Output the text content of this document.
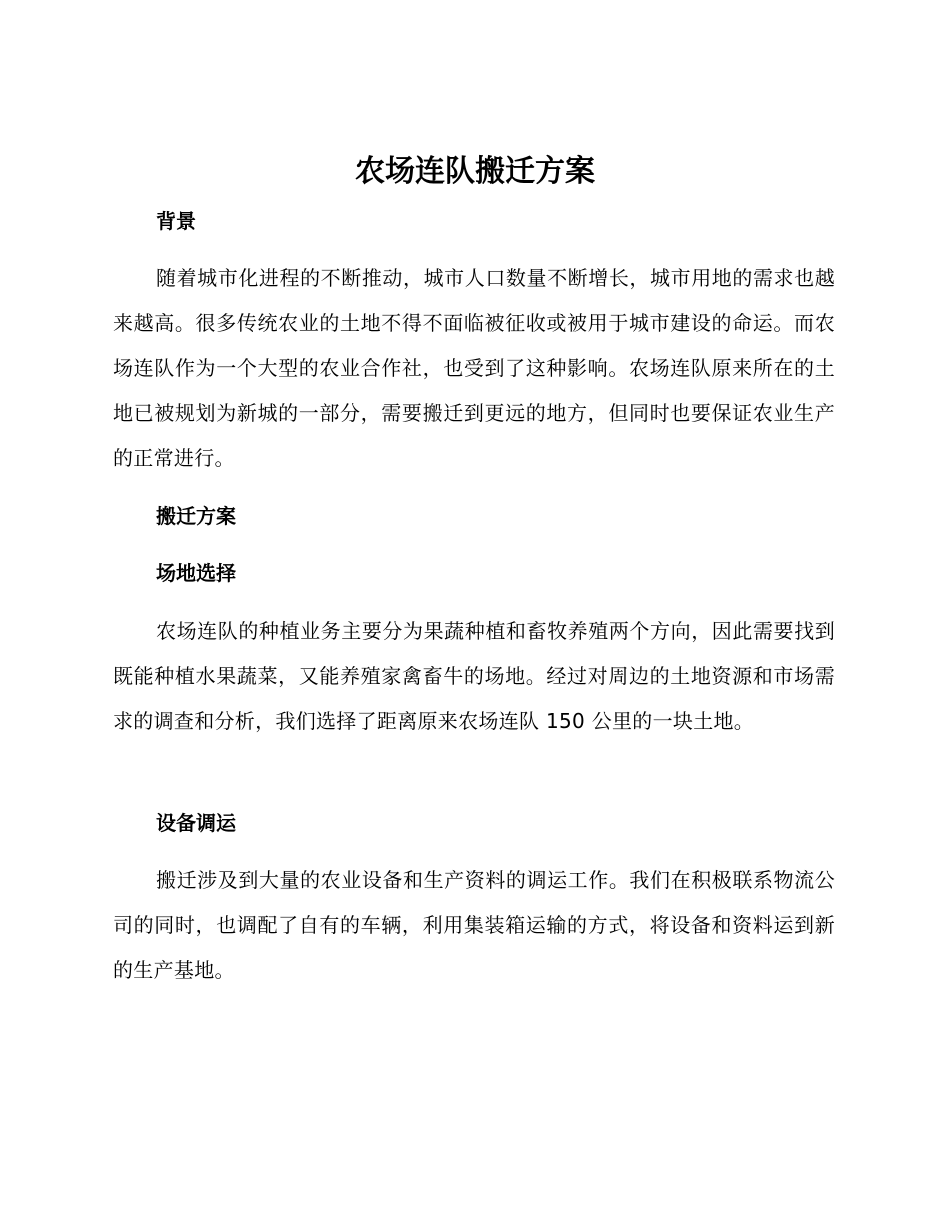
农场连队搬迁方案
背景

随着城市化进程的不断推动，城市人口数量不断增长，城市用地的需求也越来越高。很多传统农业的土地不得不面临被征收或被用于城市建设的命运。而农场连队作为一个大型的农业合作社，也受到了这种影响。农场连队原来所在的土地已被规划为新城的一部分，需要搬迁到更远的地方，但同时也要保证农业生产的正常进行。

搬迁方案
场地选择

农场连队的种植业务主要分为果蔬种植和畜牧养殖两个方向，因此需要找到既能种植水果蔬菜，又能养殖家禽畜牛的场地。经过对周边的土地资源和市场需求的调查和分析，我们选择了距离原来农场连队 150 公里的一块土地。

设备调运

搬迁涉及到大量的农业设备和生产资料的调运工作。我们在积极联系物流公司的同时，也调配了自有的车辆，利用集装箱运输的方式，将设备和资料运到新的生产基地。
